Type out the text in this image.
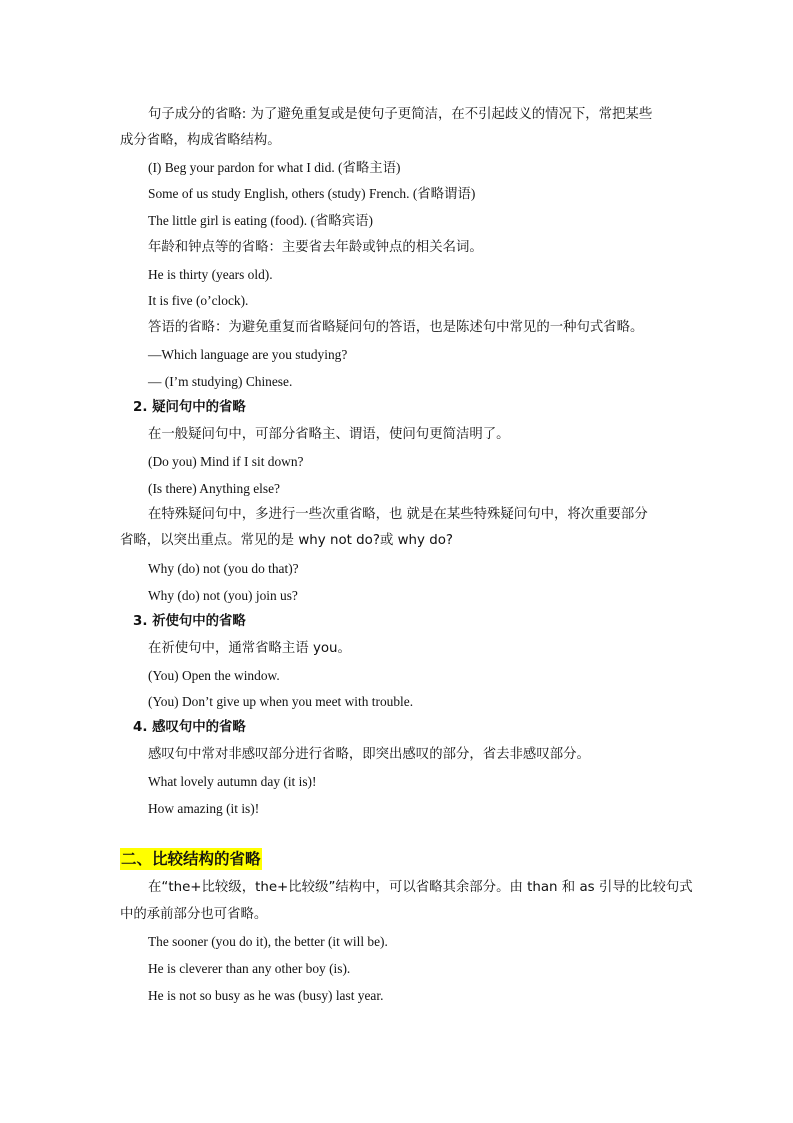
句子成分的省略: 为了避免重复或是使句子更简洁，在不引起歧义的情况下，常把某些
成分省略，构成省略结构。
(I) Beg your pardon for what I did. (省略主语)
Some of us study English, others (study) French. (省略谓语)
The little girl is eating (food). (省略宾语)
年龄和钟点等的省略：主要省去年龄或钟点的相关名词。
He is thirty (years old).
It is five (o’clock).
答语的省略：为避免重复而省略疑问句的答语，也是陈述句中常见的一种句式省略。
—Which language are you studying?
— (I’m studying) Chinese.
2. 疑问句中的省略
在一般疑问句中，可部分省略主、谓语，使问句更简洁明了。
(Do you) Mind if I sit down?
(Is there) Anything else?
在特殊疑问句中，多进行一些次重省略，也 就是在某些特殊疑问句中，将次重要部分
省略，以突出重点。常见的是 why not do?或 why do?
Why (do) not (you do that)?
Why (do) not (you) join us?
3. 祈使句中的省略
在祈使句中，通常省略主语 you。
(You) Open the window.
(You) Don’t give up when you meet with trouble.
4. 感叹句中的省略
感叹句中常对非感叹部分进行省略，即突出感叹的部分，省去非感叹部分。
What lovely autumn day (it is)!
How amazing (it is)!
二、比较结构的省略
在“the+比较级，the+比较级”结构中，可以省略其余部分。由 than 和 as 引导的比较句式
中的承前部分也可省略。
The sooner (you do it), the better (it will be).
He is cleverer than any other boy (is).
He is not so busy as he was (busy) last year.
